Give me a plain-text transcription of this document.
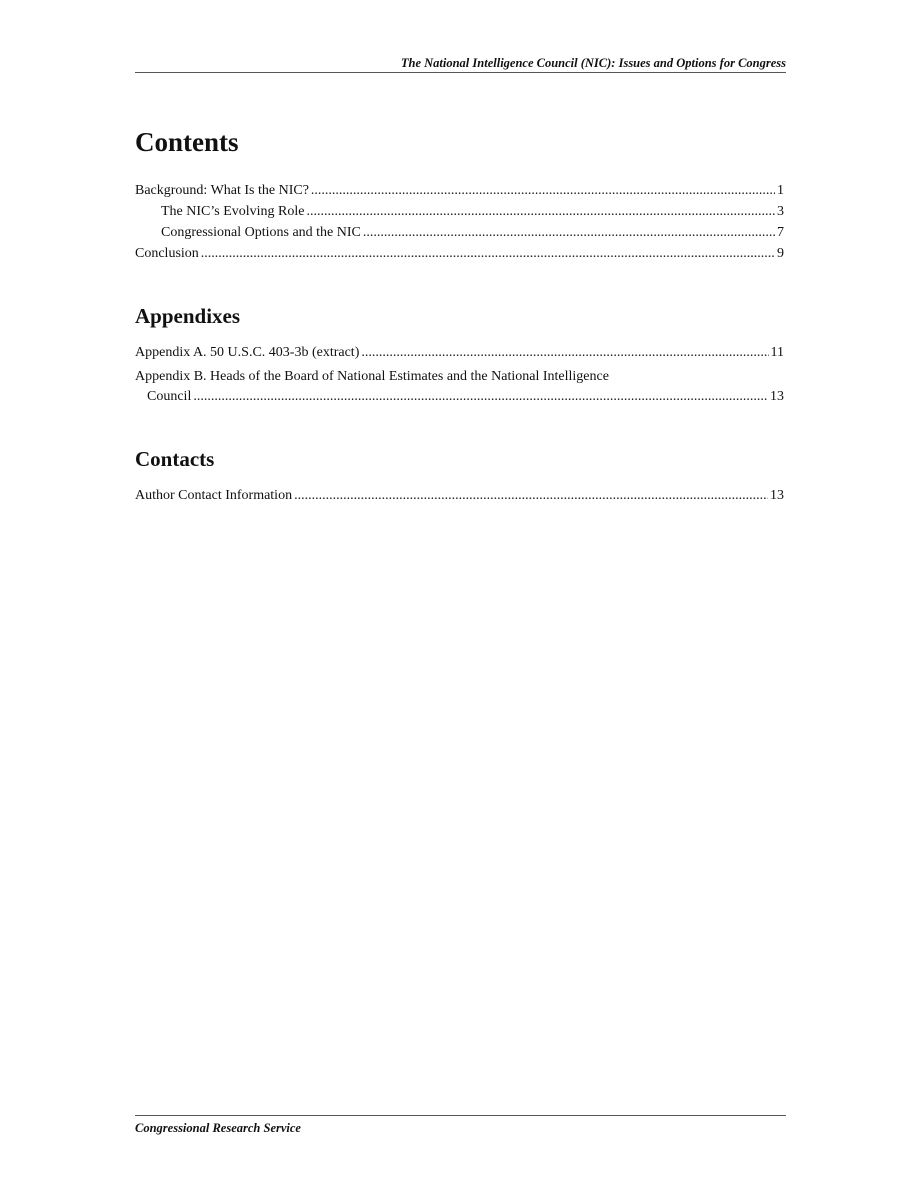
The National Intelligence Council (NIC): Issues and Options for Congress
Contents
Background: What Is the NIC? .....	1
The NIC’s Evolving Role .....	3
Congressional Options and the NIC .....	7
Conclusion .....	9
Appendixes
Appendix A. 50 U.S.C. 403-3b (extract) .....	11
Appendix B. Heads of the Board of National Estimates and the National Intelligence
Council .....	13
Contacts
Author Contact Information .....	13
Congressional Research Service
